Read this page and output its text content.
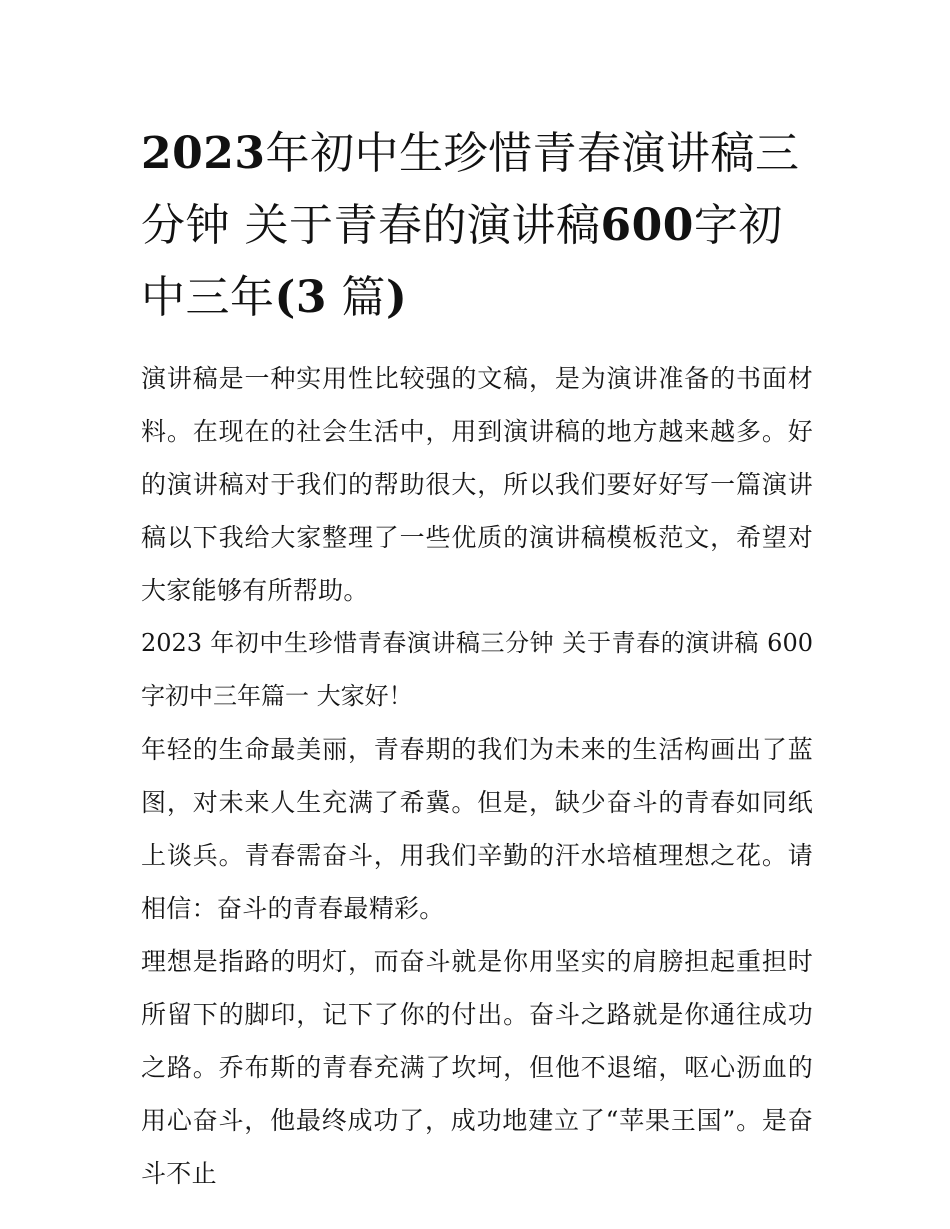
2023年初中生珍惜青春演讲稿三分钟 关于青春的演讲稿600字初中三年(3 篇)

演讲稿是一种实用性比较强的文稿，是为演讲准备的书面材料。在现在的社会生活中，用到演讲稿的地方越来越多。好的演讲稿对于我们的帮助很大，所以我们要好好写一篇演讲稿以下我给大家整理了一些优质的演讲稿模板范文，希望对大家能够有所帮助。

2023 年初中生珍惜青春演讲稿三分钟 关于青春的演讲稿 600字初中三年篇一 大家好！

年轻的生命最美丽，青春期的我们为未来的生活构画出了蓝图，对未来人生充满了希冀。但是，缺少奋斗的青春如同纸上谈兵。青春需奋斗，用我们辛勤的汗水培植理想之花。请相信：奋斗的青春最精彩。

理想是指路的明灯，而奋斗就是你用坚实的肩膀担起重担时所留下的脚印，记下了你的付出。奋斗之路就是你通往成功之路。乔布斯的青春充满了坎坷，但他不退缩，呕心沥血的用心奋斗，他最终成功了，成功地建立了“苹果王国”。是奋斗不止
